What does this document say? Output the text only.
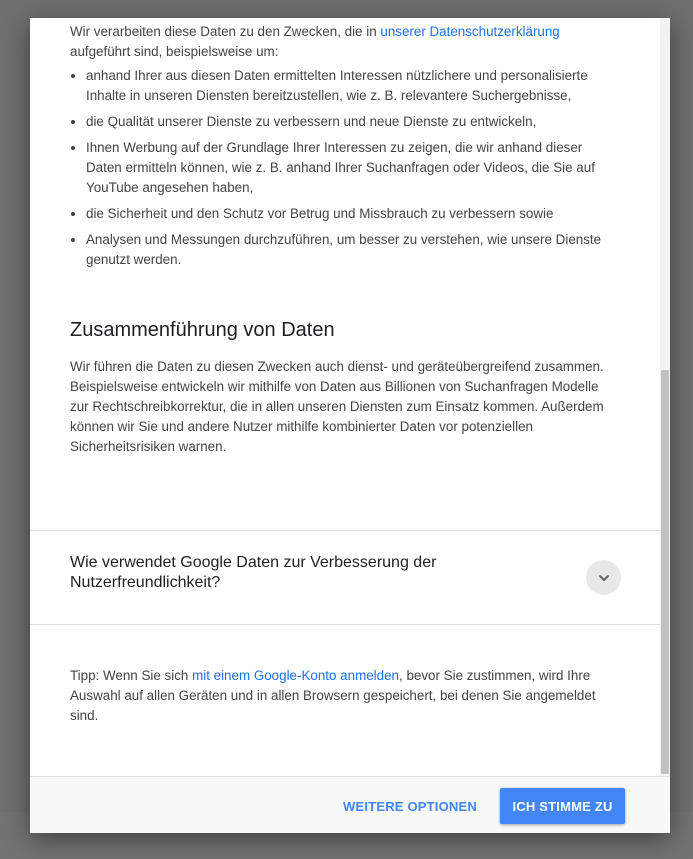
Wir verarbeiten diese Daten zu den Zwecken, die in unserer Datenschutzerklärung aufgeführt sind, beispielsweise um:

• anhand Ihrer aus diesen Daten ermittelten Interessen nützlichere und personalisierte Inhalte in unseren Diensten bereitzustellen, wie z. B. relevantere Suchergebnisse,
• die Qualität unserer Dienste zu verbessern und neue Dienste zu entwickeln,
• Ihnen Werbung auf der Grundlage Ihrer Interessen zu zeigen, die wir anhand dieser Daten ermitteln können, wie z. B. anhand Ihrer Suchanfragen oder Videos, die Sie auf YouTube angesehen haben,
• die Sicherheit und den Schutz vor Betrug und Missbrauch zu verbessern sowie
• Analysen und Messungen durchzuführen, um besser zu verstehen, wie unsere Dienste genutzt werden.
Zusammenführung von Daten

Wir führen die Daten zu diesen Zwecken auch dienst- und geräteübergreifend zusammen. Beispielsweise entwickeln wir mithilfe von Daten aus Billionen von Suchanfragen Modelle zur Rechtschreibkorrektur, die in allen unseren Diensten zum Einsatz kommen. Außerdem können wir Sie und andere Nutzer mithilfe kombinierter Daten vor potenziellen Sicherheitsrisiken warnen.

Wie verwendet Google Daten zur Verbesserung der Nutzerfreundlichkeit?

Tipp: Wenn Sie sich mit einem Google-Konto anmelden, bevor Sie zustimmen, wird Ihre Auswahl auf allen Geräten und in allen Browsern gespeichert, bei denen Sie angemeldet sind.

WEITERE OPTIONEN	ICH STIMME ZU
